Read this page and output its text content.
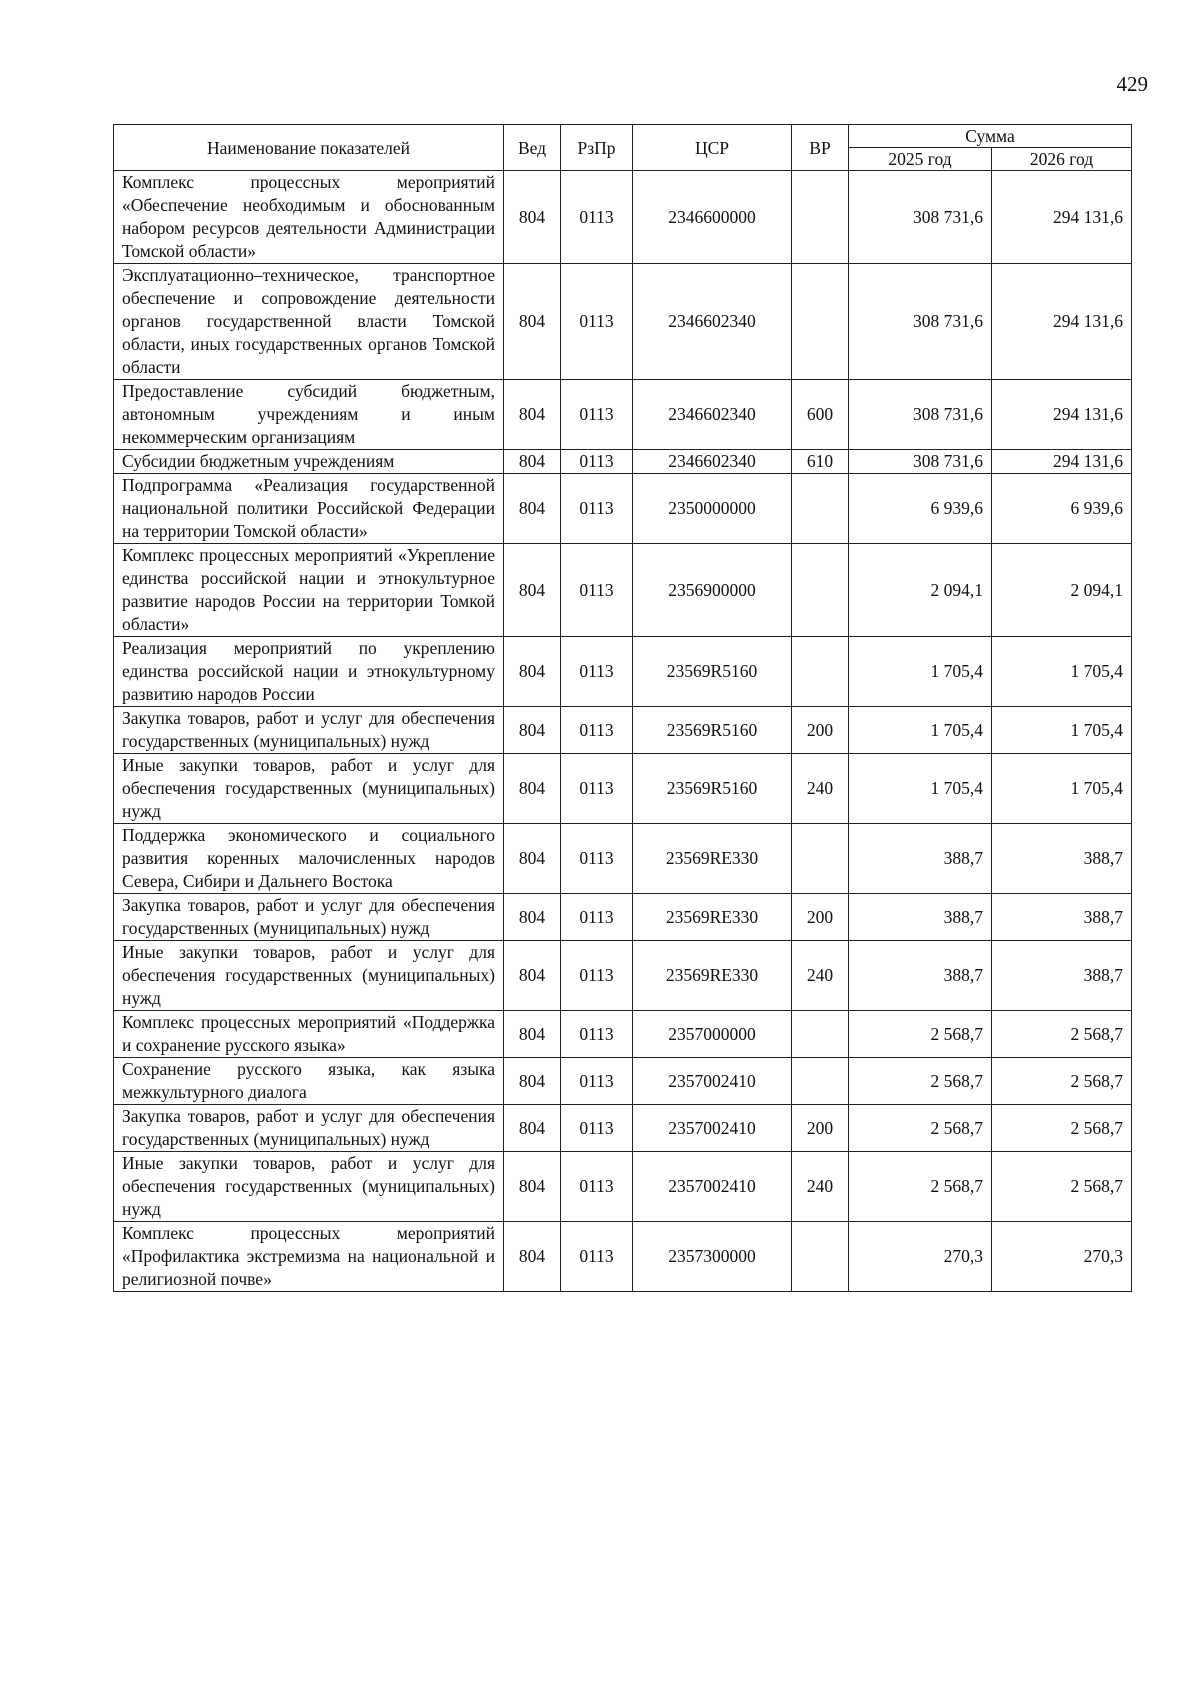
429
Наименование показателей	Вед	РзПр	ЦСР	ВР	Сумма	
					2025 год	2026 год
Комплекс процессных мероприятий «Обеспечение необходимым и обоснованным набором ресурсов деятельности Администрации Томской области»	804	0113	2346600000		308 731,6	294 131,6
Эксплуатационно–техническое, транспортное обеспечение и сопровождение деятельности органов государственной власти Томской области, иных государственных органов Томской области	804	0113	2346602340		308 731,6	294 131,6
Предоставление субсидий бюджетным, автономным учреждениям и иным некоммерческим организациям	804	0113	2346602340	600	308 731,6	294 131,6
Субсидии бюджетным учреждениям	804	0113	2346602340	610	308 731,6	294 131,6
Подпрограмма «Реализация государственной национальной политики Российской Федерации на территории Томской области»	804	0113	2350000000		6 939,6	6 939,6
Комплекс процессных мероприятий «Укрепление единства российской нации и этнокультурное развитие народов России на территории Томкой области»	804	0113	2356900000		2 094,1	2 094,1
Реализация мероприятий по укреплению единства российской нации и этнокультурному развитию народов России	804	0113	23569R5160		1 705,4	1 705,4
Закупка товаров, работ и услуг для обеспечения государственных (муниципальных) нужд	804	0113	23569R5160	200	1 705,4	1 705,4
Иные закупки товаров, работ и услуг для обеспечения государственных (муниципальных) нужд	804	0113	23569R5160	240	1 705,4	1 705,4
Поддержка экономического и социального развития коренных малочисленных народов Севера, Сибири и Дальнего Востока	804	0113	23569RE330		388,7	388,7
Закупка товаров, работ и услуг для обеспечения государственных (муниципальных) нужд	804	0113	23569RE330	200	388,7	388,7
Иные закупки товаров, работ и услуг для обеспечения государственных (муниципальных) нужд	804	0113	23569RE330	240	388,7	388,7
Комплекс процессных мероприятий «Поддержка и сохранение русского языка»	804	0113	2357000000		2 568,7	2 568,7
Сохранение русского языка, как языка межкультурного диалога	804	0113	2357002410		2 568,7	2 568,7
Закупка товаров, работ и услуг для обеспечения государственных (муниципальных) нужд	804	0113	2357002410	200	2 568,7	2 568,7
Иные закупки товаров, работ и услуг для обеспечения государственных (муниципальных) нужд	804	0113	2357002410	240	2 568,7	2 568,7
Комплекс процессных мероприятий «Профилактика экстремизма на национальной и религиозной почве»	804	0113	2357300000		270,3	270,3
